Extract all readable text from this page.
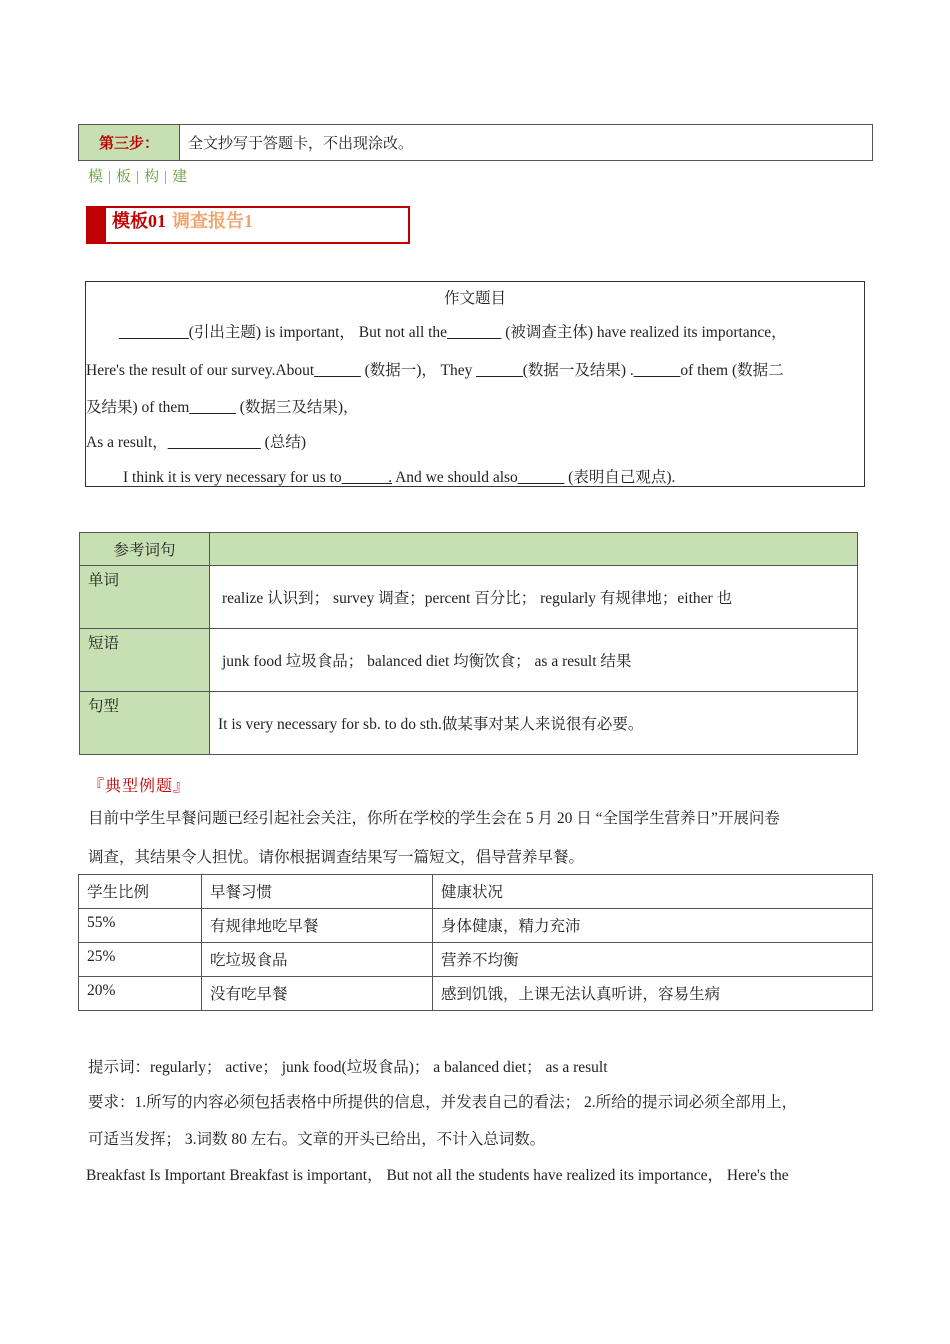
第三步：	全文抄写于答题卡，不出现涂改。
模 | 板 | 构 | 建
模板01 调查报告1
作文题目
_________(引出主题) is important， But not all the_______ (被调查主体) have realized its importance，
Here's the result of our survey.About______ (数据一)， They ______(数据一及结果) .______of them (数据二
及结果) of them______ (数据三及结果)，
As a result，____________ (总结)
I think it is very necessary for us to______. And we should also______ (表明自己观点).
参考词句	
单词	realize 认识到； survey 调查；percent 百分比； regularly 有规律地；either 也
短语	junk food 垃圾食品； balanced diet 均衡饮食； as a result 结果
句型	It is very necessary for sb. to do sth.做某事对某人来说很有必要。
『典型例题』
目前中学生早餐问题已经引起社会关注，你所在学校的学生会在 5 月 20 日 “全国学生营养日”开展问卷
调查，其结果令人担忧。请你根据调查结果写一篇短文，倡导营养早餐。
学生比例	早餐习惯	健康状况
55%	有规律地吃早餐	身体健康，精力充沛
25%	吃垃圾食品	营养不均衡
20%	没有吃早餐	感到饥饿，上课无法认真听讲，容易生病
提示词：regularly； active； junk food(垃圾食品)； a balanced diet； as a result
要求：1.所写的内容必须包括表格中所提供的信息，并发表自己的看法； 2.所给的提示词必须全部用上，
可适当发挥； 3.词数 80 左右。文章的开头已给出，不计入总词数。
Breakfast Is Important Breakfast is important， But not all the students have realized its importance， Here's the
